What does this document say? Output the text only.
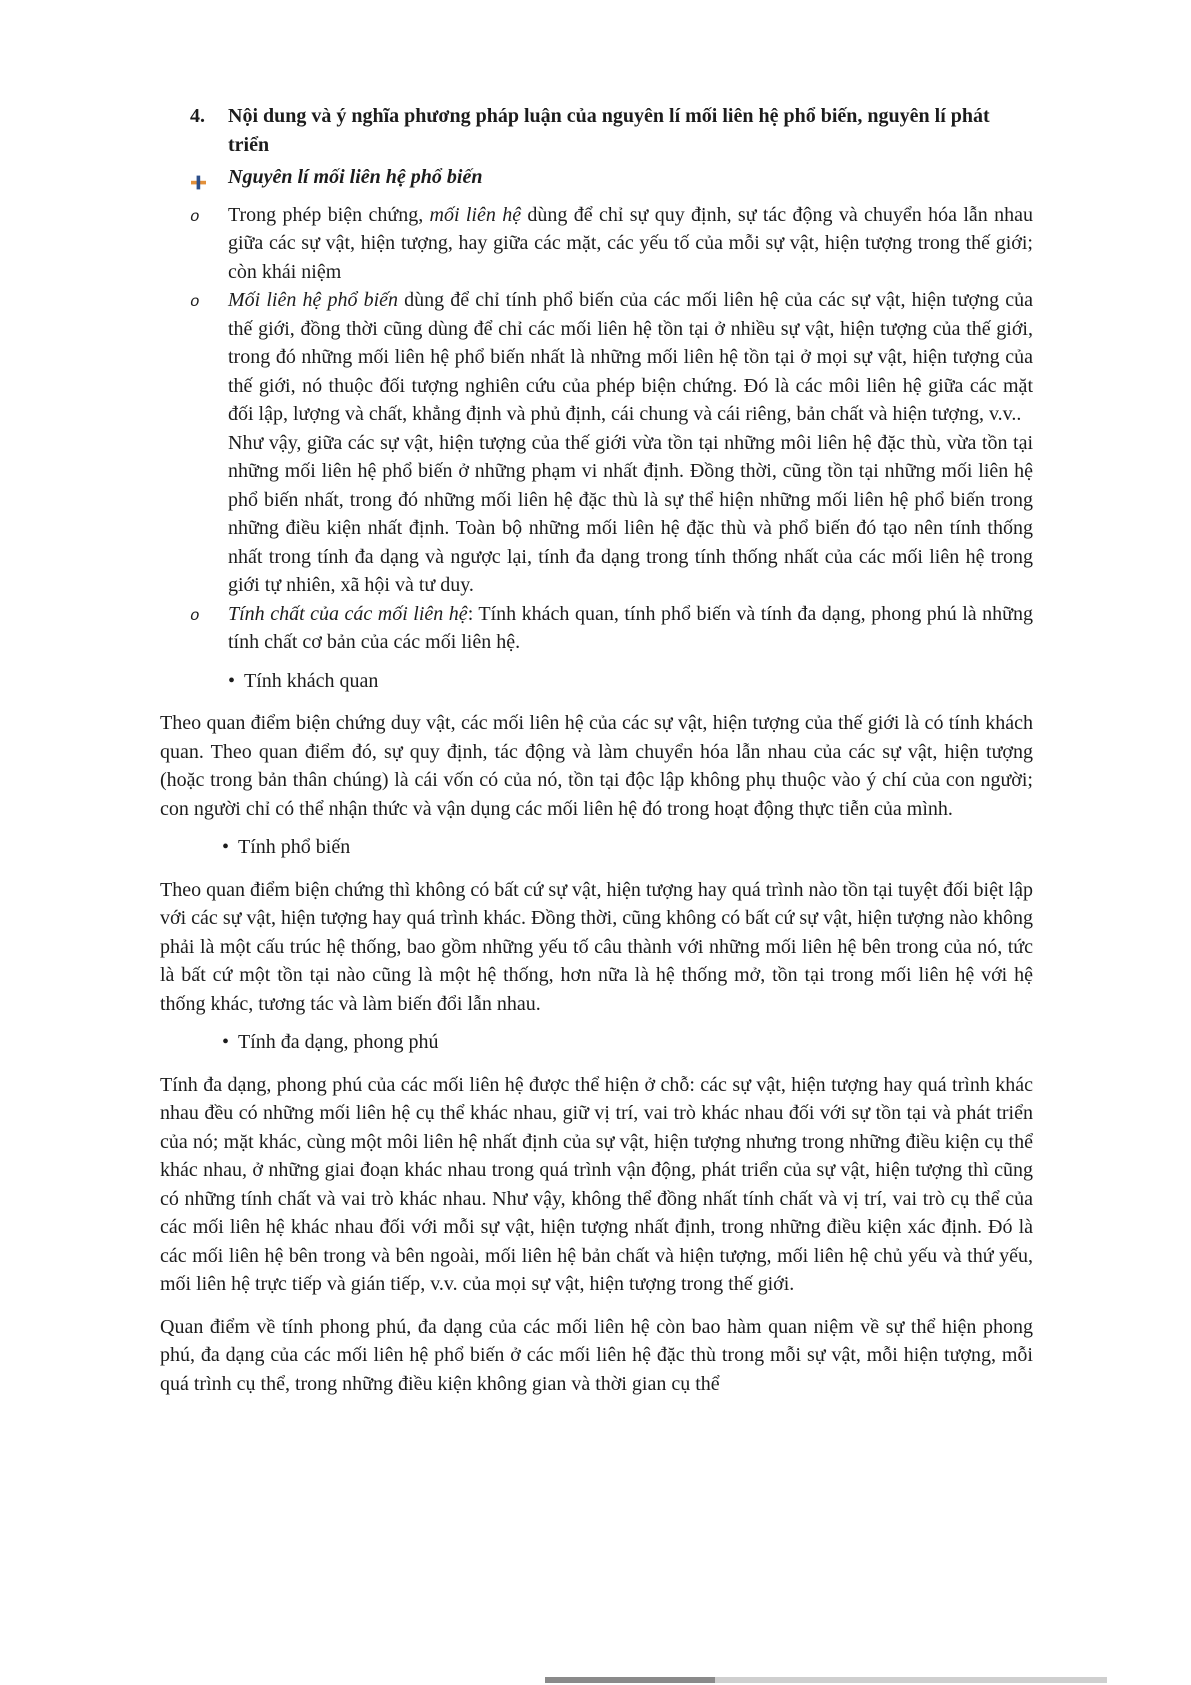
4.	Nội dung và ý nghĩa phương pháp luận của nguyên lí mối liên hệ phổ biến, nguyên lí phát triển
Nguyên lí mối liên hệ phổ biến
o	Trong phép biện chứng, mối liên hệ dùng để chỉ sự quy định, sự tác động và chuyển hóa lẫn nhau giữa các sự vật, hiện tượng, hay giữa các mặt, các yếu tố của mỗi sự vật, hiện tượng trong thế giới; còn khái niệm
o	Mối liên hệ phổ biến dùng để chỉ tính phổ biến của các mối liên hệ của các sự vật, hiện tượng của thế giới, đồng thời cũng dùng để chỉ các mối liên hệ tồn tại ở nhiều sự vật, hiện tượng của thế giới, trong đó những mối liên hệ phổ biến nhất là những mối liên hệ tồn tại ở mọi sự vật, hiện tượng của thế giới, nó thuộc đối tượng nghiên cứu của phép biện chứng. Đó là các môi liên hệ giữa các mặt đối lập, lượng và chất, khẳng định và phủ định, cái chung và cái riêng, bản chất và hiện tượng, v.v..
Như vậy, giữa các sự vật, hiện tượng của thế giới vừa tồn tại những môi liên hệ đặc thù, vừa tồn tại những mối liên hệ phổ biến ở những phạm vi nhất định. Đồng thời, cũng tồn tại những mối liên hệ phổ biến nhất, trong đó những mối liên hệ đặc thù là sự thể hiện những mối liên hệ phổ biến trong những điều kiện nhất định. Toàn bộ những mối liên hệ đặc thù và phổ biến đó tạo nên tính thống nhất trong tính đa dạng và ngược lại, tính đa dạng trong tính thống nhất của các mối liên hệ trong giới tự nhiên, xã hội và tư duy.
o	Tính chất của các mối liên hệ: Tính khách quan, tính phổ biến và tính đa dạng, phong phú là những tính chất cơ bản của các mối liên hệ.
• Tính khách quan

Theo quan điểm biện chứng duy vật, các mối liên hệ của các sự vật, hiện tượng của thế giới là có tính khách quan. Theo quan điểm đó, sự quy định, tác động và làm chuyển hóa lẫn nhau của các sự vật, hiện tượng (hoặc trong bản thân chúng) là cái vốn có của nó, tồn tại độc lập không phụ thuộc vào ý chí của con người; con người chỉ có thể nhận thức và vận dụng các mối liên hệ đó trong hoạt động thực tiễn của mình.

• Tính phổ biến

Theo quan điểm biện chứng thì không có bất cứ sự vật, hiện tượng hay quá trình nào tồn tại tuyệt đối biệt lập với các sự vật, hiện tượng hay quá trình khác. Đồng thời, cũng không có bất cứ sự vật, hiện tượng nào không phải là một cấu trúc hệ thống, bao gồm những yếu tố câu thành với những mối liên hệ bên trong của nó, tức là bất cứ một tồn tại nào cũng là một hệ thống, hơn nữa là hệ thống mở, tồn tại trong mối liên hệ với hệ thống khác, tương tác và làm biến đổi lẫn nhau.

• Tính đa dạng, phong phú

Tính đa dạng, phong phú của các mối liên hệ được thể hiện ở chỗ: các sự vật, hiện tượng hay quá trình khác nhau đều có những mối liên hệ cụ thể khác nhau, giữ vị trí, vai trò khác nhau đối với sự tồn tại và phát triển của nó; mặt khác, cùng một môi liên hệ nhất định của sự vật, hiện tượng nhưng trong những điều kiện cụ thể khác nhau, ở những giai đoạn khác nhau trong quá trình vận động, phát triển của sự vật, hiện tượng thì cũng có những tính chất và vai trò khác nhau. Như vậy, không thể đồng nhất tính chất và vị trí, vai trò cụ thể của các mối liên hệ khác nhau đối với mỗi sự vật, hiện tượng nhất định, trong những điều kiện xác định. Đó là các mối liên hệ bên trong và bên ngoài, mối liên hệ bản chất và hiện tượng, mối liên hệ chủ yếu và thứ yếu, mối liên hệ trực tiếp và gián tiếp, v.v. của mọi sự vật, hiện tượng trong thế giới.

Quan điểm về tính phong phú, đa dạng của các mối liên hệ còn bao hàm quan niệm về sự thể hiện phong phú, đa dạng của các mối liên hệ phổ biến ở các mối liên hệ đặc thù trong mỗi sự vật, mỗi hiện tượng, mỗi quá trình cụ thể, trong những điều kiện không gian và thời gian cụ thể
